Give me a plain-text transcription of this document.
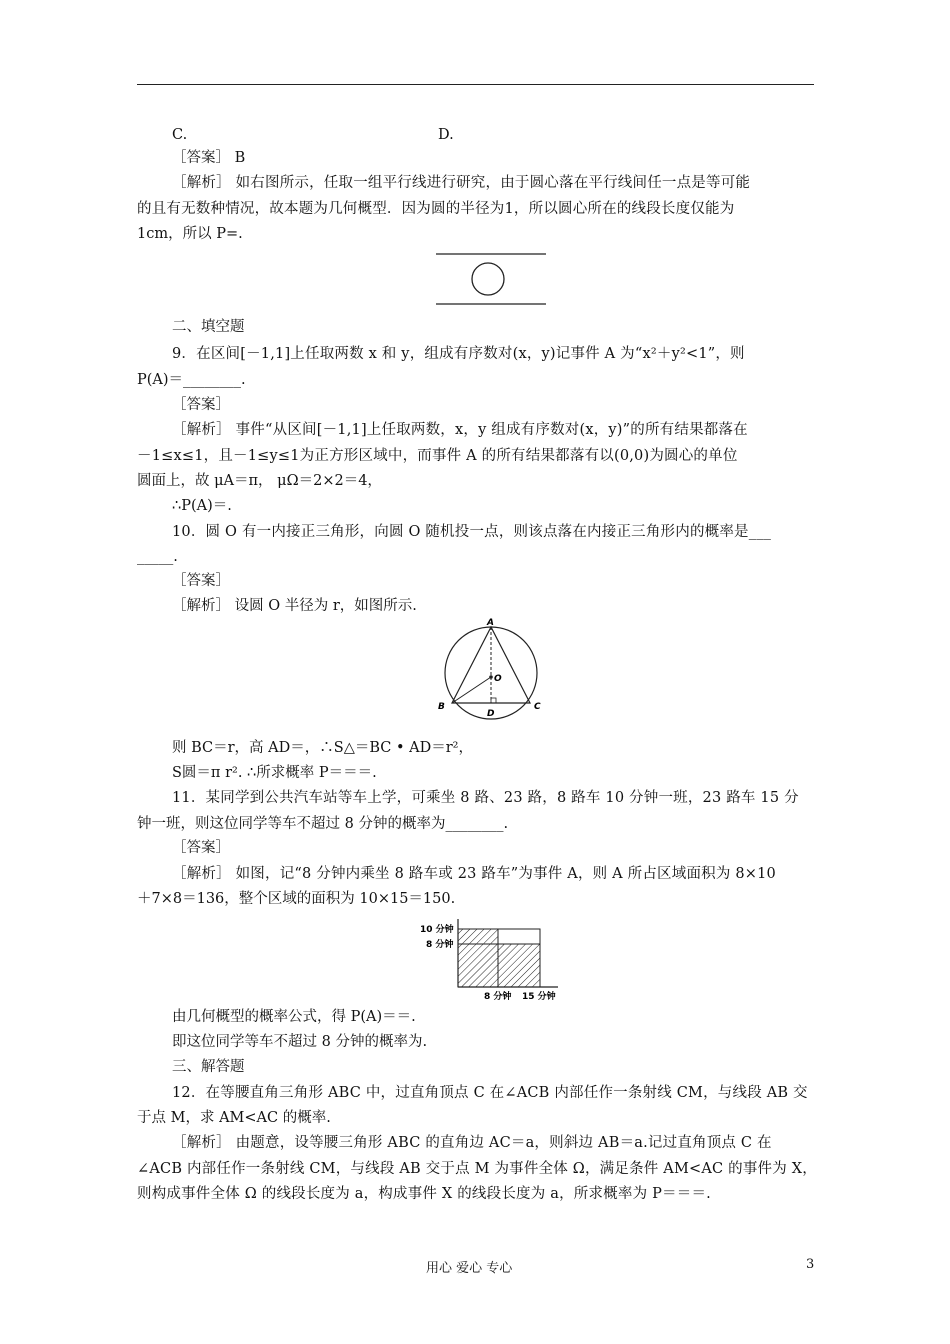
C.	D.
［答案］ B
［解析］ 如右图所示，任取一组平行线进行研究，由于圆心落在平行线间任一点是等可能
的且有无数种情况，故本题为几何概型．因为圆的半径为1，所以圆心所在的线段长度仅能为
1cm，所以 P=.
二、填空题
9．在区间[－1,1]上任取两数 x 和 y，组成有序数对(x，y)记事件 A 为“x²＋y²<1”，则
P(A)＝________.
［答案］
［解析］ 事件“从区间[－1,1]上任取两数，x，y 组成有序数对(x，y)”的所有结果都落在
－1≤x≤1，且－1≤y≤1为正方形区域中，而事件 A 的所有结果都落有以(0,0)为圆心的单位
圆面上，故 μA＝π， μΩ＝2×2＝4，
∴P(A)＝.
10．圆 O 有一内接正三角形，向圆 O 随机投一点，则该点落在内接正三角形内的概率是___
_____.
［答案］
［解析］ 设圆 O 半径为 r，如图所示.
A
O
B	C
D
则 BC＝r，高 AD＝，∴S△＝BC • AD＝r²，
S圆＝π r². ∴所求概率 P＝＝＝.
11．某同学到公共汽车站等车上学，可乘坐 8 路、23 路，8 路车 10 分钟一班，23 路车 15 分
钟一班，则这位同学等车不超过 8 分钟的概率为________.
［答案］
［解析］ 如图，记“8 分钟内乘坐 8 路车或 23 路车”为事件 A，则 A 所占区域面积为 8×10
＋7×8＝136，整个区域的面积为 10×15＝150.
10 分钟
8 分钟
8 分钟 15 分钟
由几何概型的概率公式，得 P(A)＝＝.
即这位同学等车不超过 8 分钟的概率为.
三、解答题
12．在等腰直角三角形 ABC 中，过直角顶点 C 在∠ACB 内部任作一条射线 CM，与线段 AB 交
于点 M，求 AM<AC 的概率.
［解析］ 由题意，设等腰三角形 ABC 的直角边 AC＝a，则斜边 AB＝a.记过直角顶点 C 在
∠ACB 内部任作一条射线 CM，与线段 AB 交于点 M 为事件全体 Ω，满足条件 AM<AC 的事件为 X，
则构成事件全体 Ω 的线段长度为 a，构成事件 X 的线段长度为 a，所求概率为 P＝＝＝.
用心 爱心 专心	3
